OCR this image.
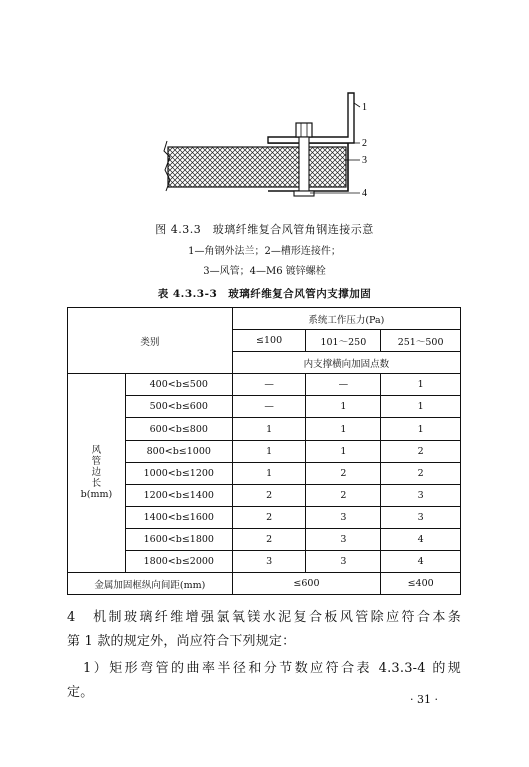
1
2
3
4
图 4.3.3　玻璃纤维复合风管角钢连接示意
1—角钢外法兰；2—槽形连接件；
3—风管；4—M6 镀锌螺栓
表 4.3.3-3　玻璃纤维复合风管内支撑加固
类别		系统工作压力(Pa)		
		≤100	101～250	251～500
		内支撑横向加固点数		
风
管
边
长
b(mm)	400<b≤500	—	—	1
	500<b≤600	—	1	1
	600<b≤800	1	1	1
	800<b≤1000	1	1	2
	1000<b≤1200	1	2	2
	1200<b≤1400	2	2	3
	1400<b≤1600	2	3	3
	1600<b≤1800	2	3	4
	1800<b≤2000	3	3	4
金属加固框纵向间距(mm)		≤600		≤400
4　机制玻璃纤维增强氯氧镁水泥复合板风管除应符合本条
第 1 款的规定外，尚应符合下列规定：
1）矩形弯管的曲率半径和分节数应符合表 4.3.3-4 的规
定。	· 31 ·
